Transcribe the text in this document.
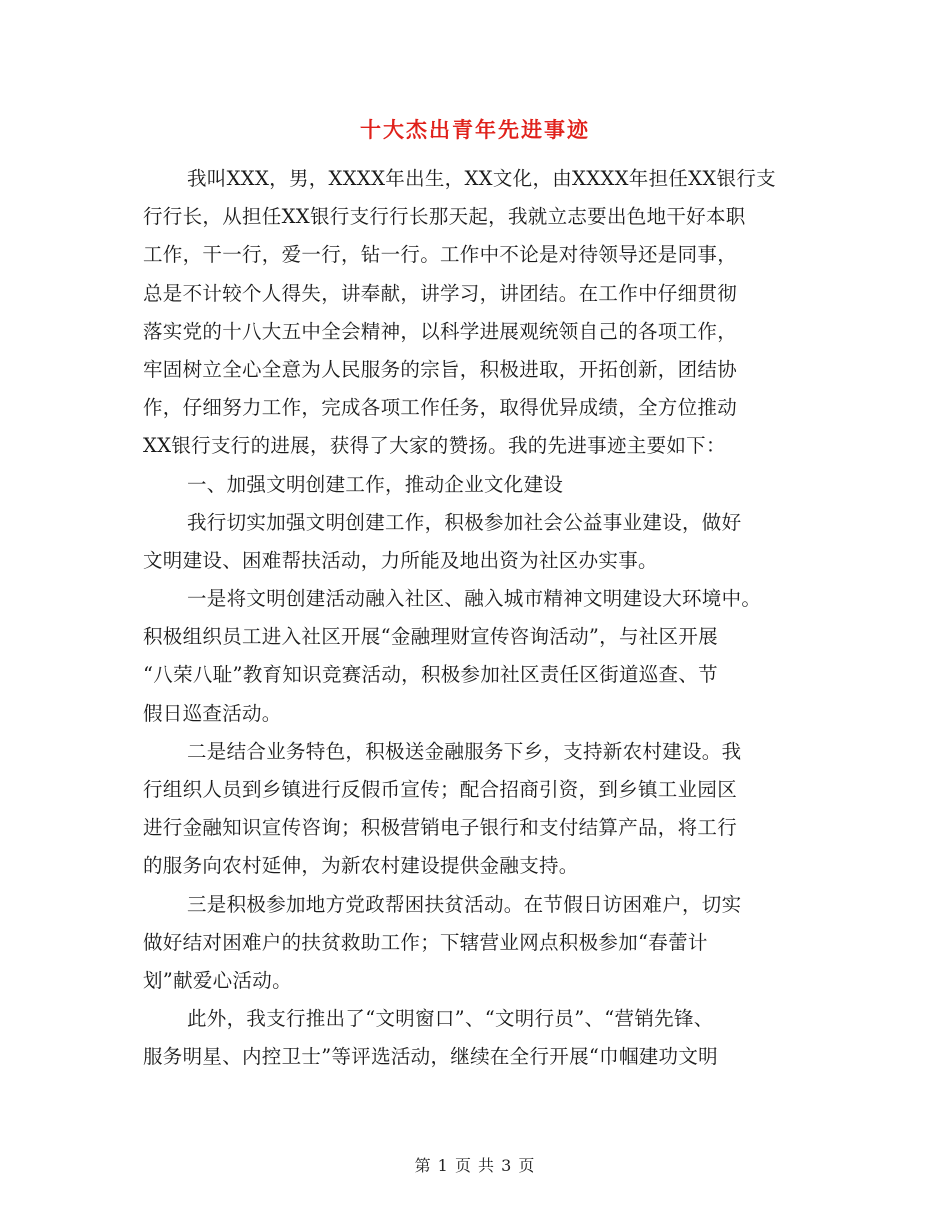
十大杰出青年先进事迹
我叫XXX，男，XXXX年出生，XX文化，由XXXX年担任XX银行支
行行长，从担任XX银行支行行长那天起，我就立志要出色地干好本职
工作，干一行，爱一行，钻一行。工作中不论是对待领导还是同事，
总是不计较个人得失，讲奉献，讲学习，讲团结。在工作中仔细贯彻
落实党的十八大五中全会精神，以科学进展观统领自己的各项工作，
牢固树立全心全意为人民服务的宗旨，积极进取，开拓创新，团结协
作，仔细努力工作，完成各项工作任务，取得优异成绩，全方位推动
XX银行支行的进展，获得了大家的赞扬。我的先进事迹主要如下：
一、加强文明创建工作，推动企业文化建设
我行切实加强文明创建工作，积极参加社会公益事业建设，做好
文明建设、困难帮扶活动，力所能及地出资为社区办实事。
一是将文明创建活动融入社区、融入城市精神文明建设大环境中。
积极组织员工进入社区开展“金融理财宣传咨询活动”，与社区开展
“八荣八耻”教育知识竞赛活动，积极参加社区责任区街道巡查、节
假日巡查活动。
二是结合业务特色，积极送金融服务下乡，支持新农村建设。我
行组织人员到乡镇进行反假币宣传；配合招商引资，到乡镇工业园区
进行金融知识宣传咨询；积极营销电子银行和支付结算产品，将工行
的服务向农村延伸，为新农村建设提供金融支持。
三是积极参加地方党政帮困扶贫活动。在节假日访困难户，切实
做好结对困难户的扶贫救助工作；下辖营业网点积极参加“春蕾计
划”献爱心活动。
此外，我支行推出了“文明窗口”、“文明行员”、“营销先锋、
服务明星、内控卫士”等评选活动，继续在全行开展“巾帼建功文明
第 1 页 共 3 页
